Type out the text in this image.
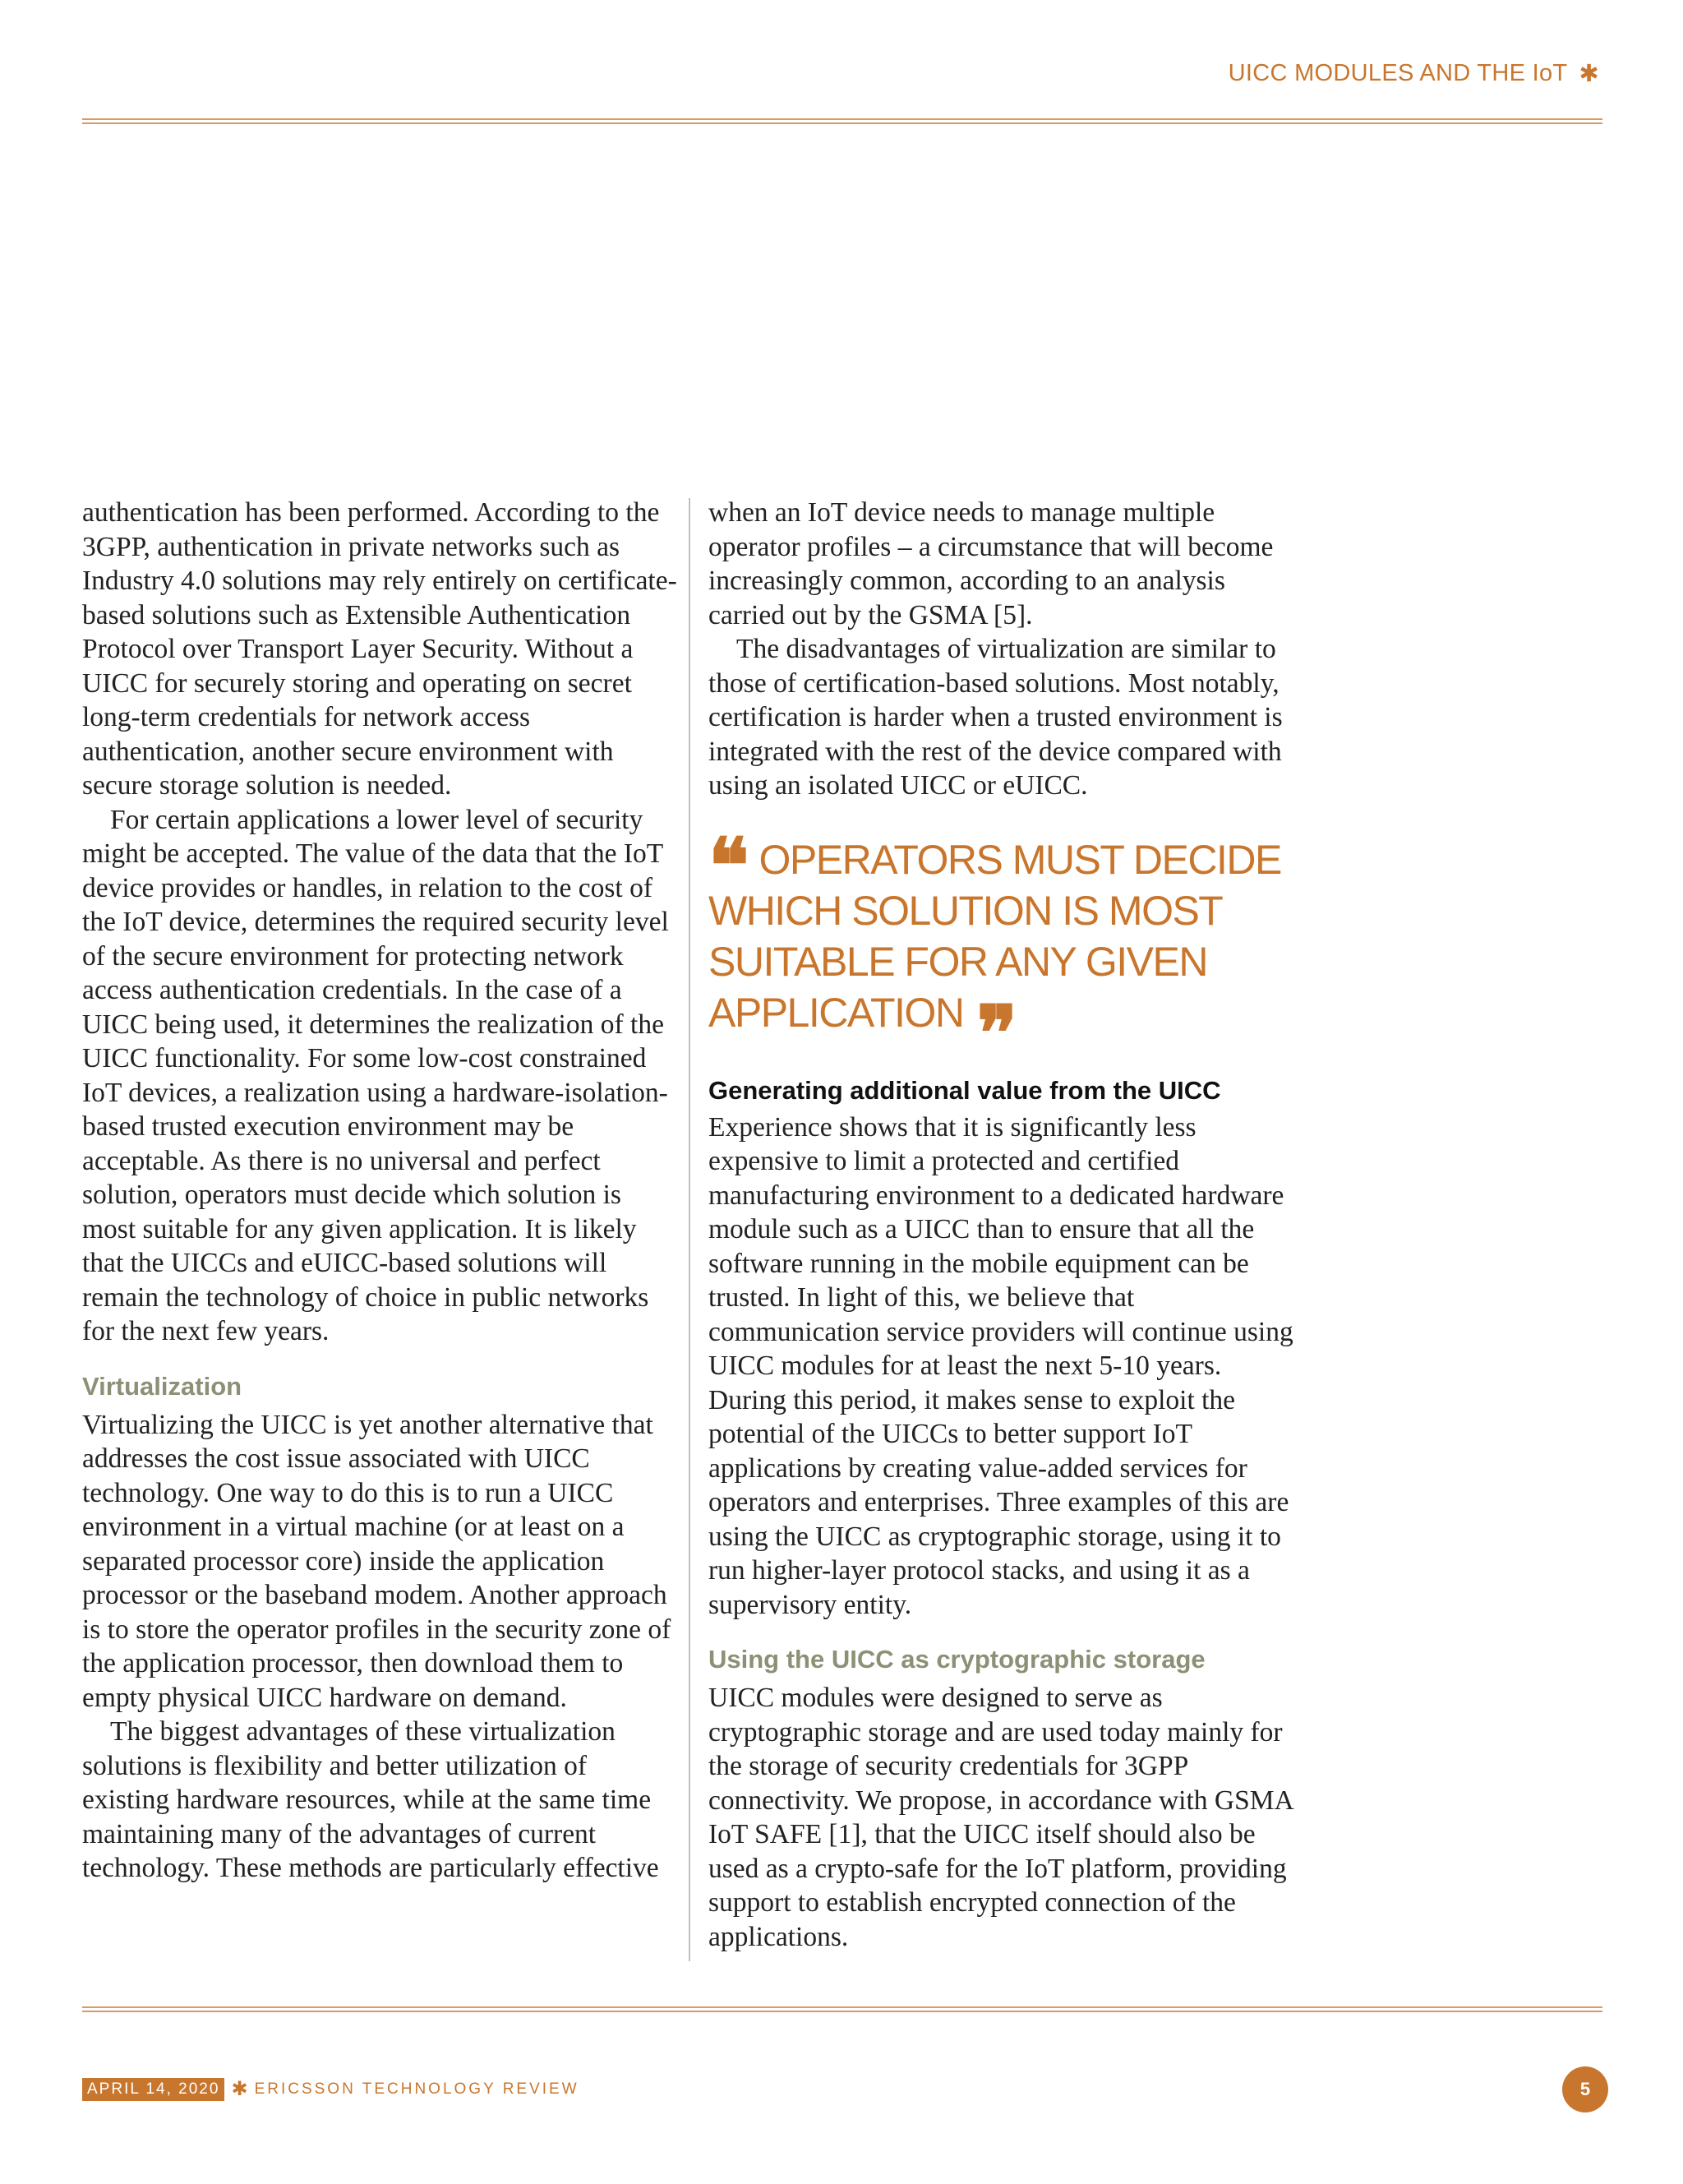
UICC MODULES AND THE IoT ✱

authentication has been performed. According to the 3GPP, authentication in private networks such as Industry 4.0 solutions may rely entirely on certificate-based solutions such as Extensible Authentication Protocol over Transport Layer Security. Without a UICC for securely storing and operating on secret long-term credentials for network access authentication, another secure environment with secure storage solution is needed.

For certain applications a lower level of security might be accepted. The value of the data that the IoT device provides or handles, in relation to the cost of the IoT device, determines the required security level of the secure environment for protecting network access authentication credentials. In the case of a UICC being used, it determines the realization of the UICC functionality. For some low-cost constrained IoT devices, a realization using a hardware-isolation-based trusted execution environment may be acceptable. As there is no universal and perfect solution, operators must decide which solution is most suitable for any given application. It is likely that the UICCs and eUICC-based solutions will remain the technology of choice in public networks for the next few years.

Virtualization

Virtualizing the UICC is yet another alternative that addresses the cost issue associated with UICC technology. One way to do this is to run a UICC environment in a virtual machine (or at least on a separated processor core) inside the application processor or the baseband modem. Another approach is to store the operator profiles in the security zone of the application processor, then download them to empty physical UICC hardware on demand.

The biggest advantages of these virtualization solutions is flexibility and better utilization of existing hardware resources, while at the same time maintaining many of the advantages of current technology. These methods are particularly effective

when an IoT device needs to manage multiple operator profiles – a circumstance that will become increasingly common, according to an analysis carried out by the GSMA [5].

The disadvantages of virtualization are similar to those of certification-based solutions. Most notably, certification is harder when a trusted environment is integrated with the rest of the device compared with using an isolated UICC or eUICC.

❝ OPERATORS MUST DECIDE WHICH SOLUTION IS MOST SUITABLE FOR ANY GIVEN APPLICATION ❞
Generating additional value from the UICC

Experience shows that it is significantly less expensive to limit a protected and certified manufacturing environment to a dedicated hardware module such as a UICC than to ensure that all the software running in the mobile equipment can be trusted. In light of this, we believe that communication service providers will continue using UICC modules for at least the next 5-10 years. During this period, it makes sense to exploit the potential of the UICCs to better support IoT applications by creating value-added services for operators and enterprises. Three examples of this are using the UICC as cryptographic storage, using it to run higher-layer protocol stacks, and using it as a supervisory entity.

Using the UICC as cryptographic storage

UICC modules were designed to serve as cryptographic storage and are used today mainly for the storage of security credentials for 3GPP connectivity. We propose, in accordance with GSMA IoT SAFE [1], that the UICC itself should also be used as a crypto-safe for the IoT platform, providing support to establish encrypted connection of the applications.

APRIL 14, 2020 ✱ ERICSSON TECHNOLOGY REVIEW	5
